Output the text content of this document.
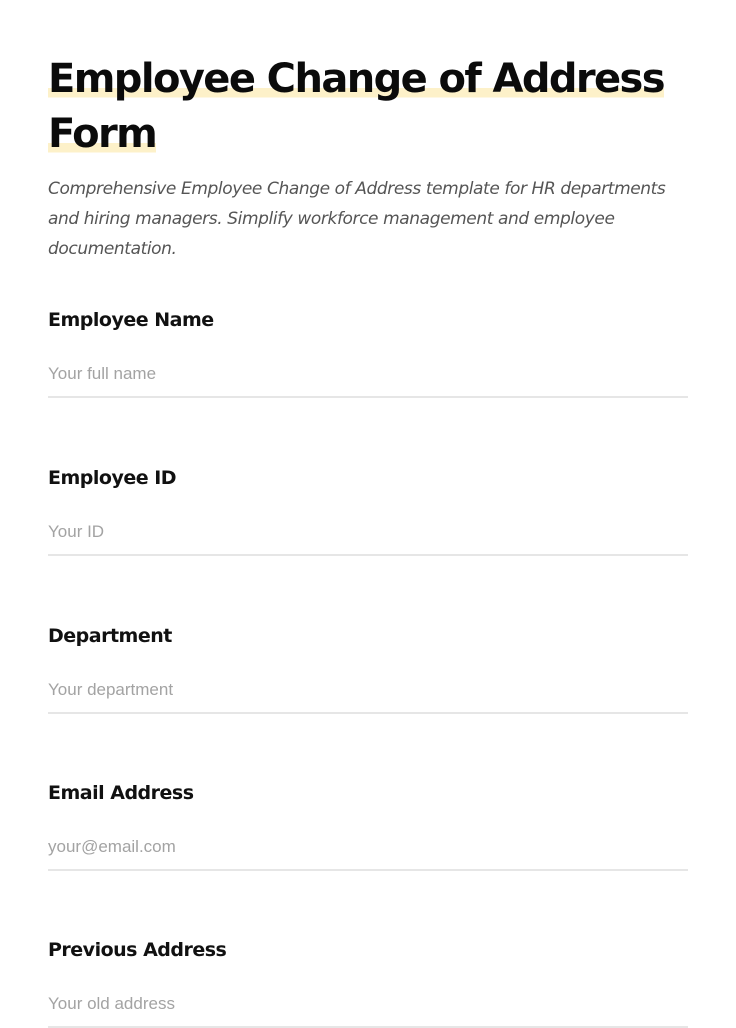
Employee Change of Address Form

Comprehensive Employee Change of Address template for HR departments and hiring managers. Simplify workforce management and employee documentation.

Employee Name
Your full name
Employee ID
Your ID
Department
Your department
Email Address
your@email.com
Previous Address
Your old address
